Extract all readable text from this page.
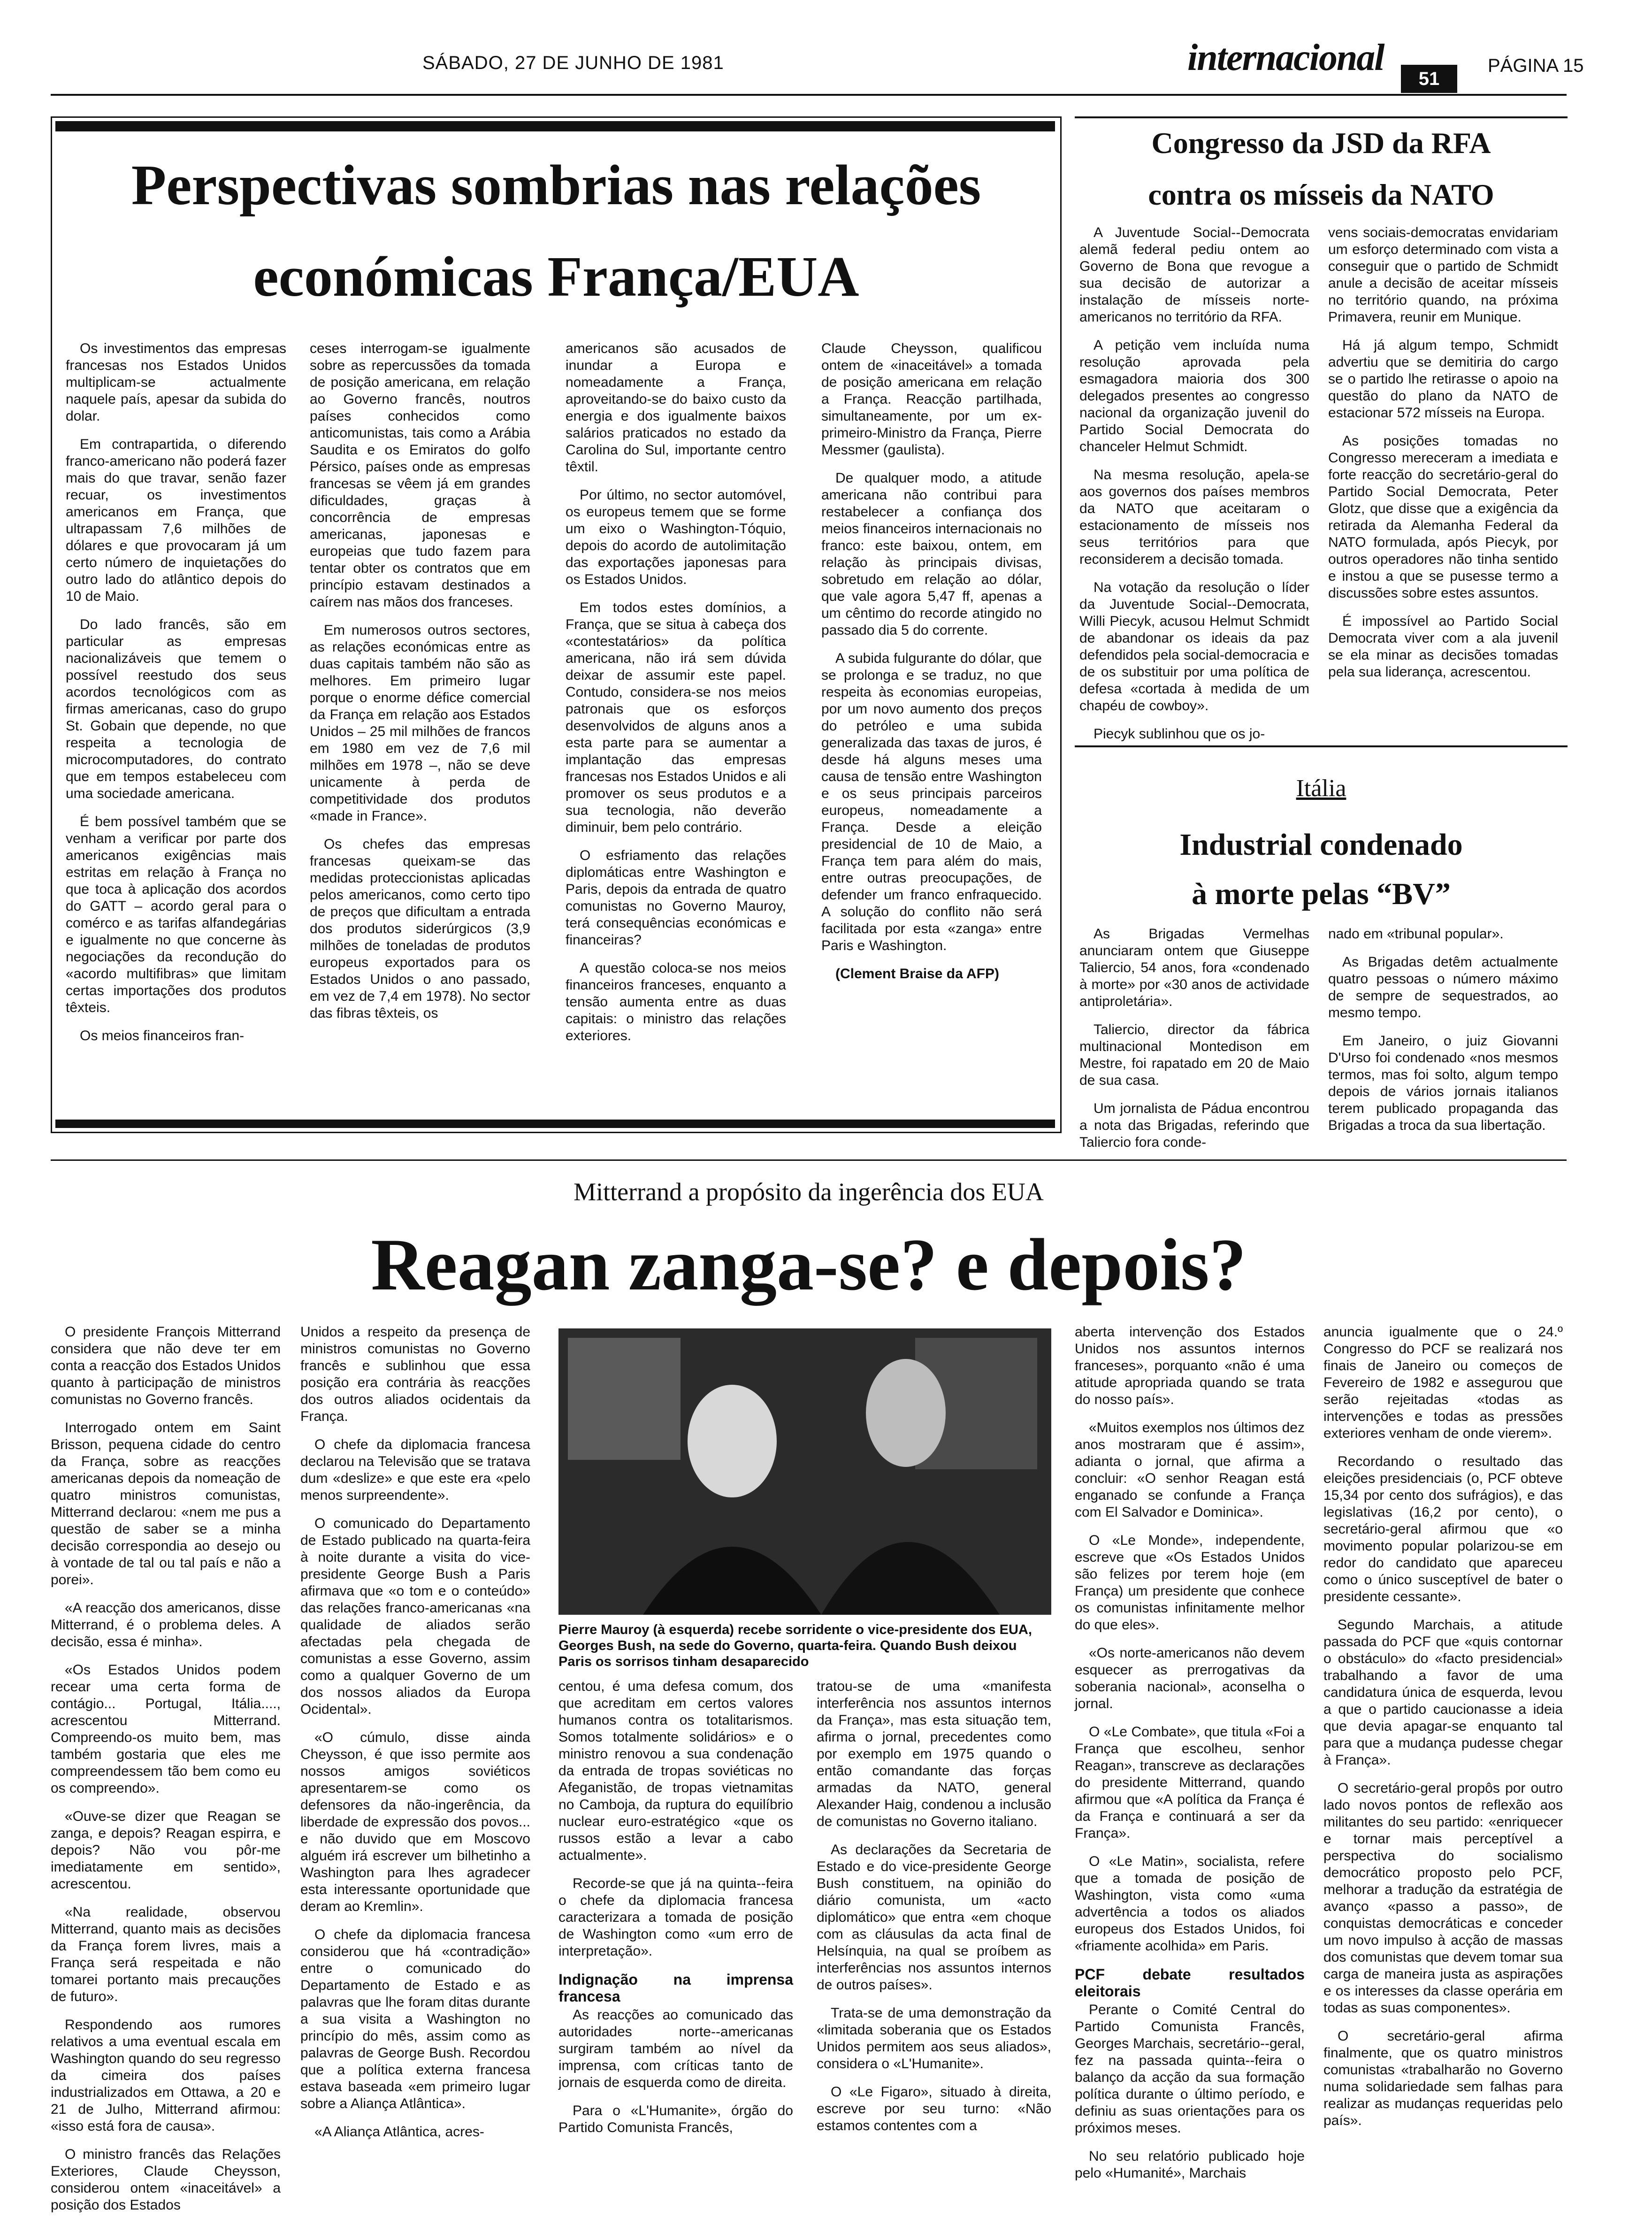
SÁBADO, 27 DE JUNHO DE 1981	internacional
51
PÁGINA 15
Perspectivas sombrias nas relações
económicas França/EUA

Os investimentos das empresas francesas nos Estados Unidos multiplicam-se actualmente naquele país, apesar da subida do dolar.

Em contrapartida, o diferendo franco-americano não poderá fazer mais do que travar, senão fazer recuar, os investimentos americanos em França, que ultrapassam 7,6 milhões de dólares e que provocaram já um certo número de inquietações do outro lado do atlântico depois do 10 de Maio.

Do lado francês, são em particular as empresas nacionalizáveis que temem o possível reestudo dos seus acordos tecnológicos com as firmas americanas, caso do grupo St. Gobain que depende, no que respeita a tecnologia de microcomputadores, do contrato que em tempos estabeleceu com uma sociedade americana.

É bem possível também que se venham a verificar por parte dos americanos exigências mais estritas em relação à França no que toca à aplicação dos acordos do GATT – acordo geral para o comérco e as tarifas alfandegárias e igualmente no que concerne às negociações da recondução do «acordo multifibras» que limitam certas importações dos produtos têxteis.

Os meios financeiros fran-

ceses interrogam-se igualmente sobre as repercussões da tomada de posição americana, em relação ao Governo francês, noutros países conhecidos como anticomunistas, tais como a Arábia Saudita e os Emiratos do golfo Pérsico, países onde as empresas francesas se vêem já em grandes dificuldades, graças à concorrência de empresas americanas, japonesas e europeias que tudo fazem para tentar obter os contratos que em princípio estavam destinados a caírem nas mãos dos franceses.

Em numerosos outros sectores, as relações económicas entre as duas capitais também não são as melhores. Em primeiro lugar porque o enorme défice comercial da França em relação aos Estados Unidos – 25 mil milhões de francos em 1980 em vez de 7,6 mil milhões em 1978 –, não se deve unicamente à perda de competitividade dos produtos «made in France».

Os chefes das empresas francesas queixam-se das medidas proteccionistas aplicadas pelos americanos, como certo tipo de preços que dificultam a entrada dos produtos siderúrgicos (3,9 milhões de toneladas de produtos europeus exportados para os Estados Unidos o ano passado, em vez de 7,4 em 1978). No sector das fibras têxteis, os

americanos são acusados de inundar a Europa e nomeadamente a França, aproveitando-se do baixo custo da energia e dos igualmente baixos salários praticados no estado da Carolina do Sul, importante centro têxtil.

Por último, no sector automóvel, os europeus temem que se forme um eixo o Washington-Tóquio, depois do acordo de autolimitação das exportações japonesas para os Estados Unidos.

Em todos estes domínios, a França, que se situa à cabeça dos «contestatários» da política americana, não irá sem dúvida deixar de assumir este papel. Contudo, considera-se nos meios patronais que os esforços desenvolvidos de alguns anos a esta parte para se aumentar a implantação das empresas francesas nos Estados Unidos e ali promover os seus produtos e a sua tecnologia, não deverão diminuir, bem pelo contrário.

O esfriamento das relações diplomáticas entre Washington e Paris, depois da entrada de quatro comunistas no Governo Mauroy, terá consequências económicas e financeiras?

A questão coloca-se nos meios financeiros franceses, enquanto a tensão aumenta entre as duas capitais: o ministro das relações exteriores.

Claude Cheysson, qualificou ontem de «inaceitável» a tomada de posição americana em relação a França. Reacção partilhada, simultaneamente, por um ex-primeiro-Ministro da França, Pierre Messmer (gaulista).

De qualquer modo, a atitude americana não contribui para restabelecer a confiança dos meios financeiros internacionais no franco: este baixou, ontem, em relação às principais divisas, sobretudo em relação ao dólar, que vale agora 5,47 ff, apenas a um cêntimo do recorde atingido no passado dia 5 do corrente.

A subida fulgurante do dólar, que se prolonga e se traduz, no que respeita às economias europeias, por um novo aumento dos preços do petróleo e uma subida generalizada das taxas de juros, é desde há alguns meses uma causa de tensão entre Washington e os seus principais parceiros europeus, nomeadamente a França. Desde a eleição presidencial de 10 de Maio, a França tem para além do mais, entre outras preocupações, de defender um franco enfraquecido. A solução do conflito não será facilitada por esta «zanga» entre Paris e Washington.

(Clement Braise da AFP)

Congresso da JSD da RFA
contra os mísseis da NATO

A Juventude Social--Democrata alemã federal pediu ontem ao Governo de Bona que revogue a sua decisão de autorizar a instalação de mísseis norte-americanos no território da RFA.

A petição vem incluída numa resolução aprovada pela esmagadora maioria dos 300 delegados presentes ao congresso nacional da organização juvenil do Partido Social Democrata do chanceler Helmut Schmidt.

Na mesma resolução, apela-se aos governos dos países membros da NATO que aceitaram o estacionamento de mísseis nos seus territórios para que reconsiderem a decisão tomada.

Na votação da resolução o líder da Juventude Social--Democrata, Willi Piecyk, acusou Helmut Schmidt de abandonar os ideais da paz defendidos pela social-democracia e de os substituir por uma política de defesa «cortada à medida de um chapéu de cowboy».

Piecyk sublinhou que os jo-

vens sociais-democratas envidariam um esforço determinado com vista a conseguir que o partido de Schmidt anule a decisão de aceitar mísseis no território quando, na próxima Primavera, reunir em Munique.

Há já algum tempo, Schmidt advertiu que se demitiria do cargo se o partido lhe retirasse o apoio na questão do plano da NATO de estacionar 572 mísseis na Europa.

As posições tomadas no Congresso mereceram a imediata e forte reacção do secretário-geral do Partido Social Democrata, Peter Glotz, que disse que a exigência da retirada da Alemanha Federal da NATO formulada, após Piecyk, por outros operadores não tinha sentido e instou a que se pusesse termo a discussões sobre estes assuntos.

É impossível ao Partido Social Democrata viver com a ala juvenil se ela minar as decisões tomadas pela sua liderança, acrescentou.

Itália
Industrial condenado
à morte pelas “BV”

As Brigadas Vermelhas anunciaram ontem que Giuseppe Taliercio, 54 anos, fora «condenado à morte» por «30 anos de actividade antiproletária».

Taliercio, director da fábrica multinacional Montedison em Mestre, foi rapatado em 20 de Maio de sua casa.

Um jornalista de Pádua encontrou a nota das Brigadas, referindo que Taliercio fora conde-

nado em «tribunal popular».

As Brigadas detêm actualmente quatro pessoas o número máximo de sempre de sequestrados, ao mesmo tempo.

Em Janeiro, o juiz Giovanni D'Urso foi condenado «nos mesmos termos, mas foi solto, algum tempo depois de vários jornais italianos terem publicado propaganda das Brigadas a troca da sua libertação.

Mitterrand a propósito da ingerência dos EUA
Reagan zanga-se? e depois?

O presidente François Mitterrand considera que não deve ter em conta a reacção dos Estados Unidos quanto à participação de ministros comunistas no Governo francês.

Interrogado ontem em Saint Brisson, pequena cidade do centro da França, sobre as reacções americanas depois da nomeação de quatro ministros comunistas, Mitterrand declarou: «nem me pus a questão de saber se a minha decisão correspondia ao desejo ou à vontade de tal ou tal país e não a porei».

«A reacção dos americanos, disse Mitterrand, é o problema deles. A decisão, essa é minha».

«Os Estados Unidos podem recear uma certa forma de contágio... Portugal, Itália...., acrescentou Mitterrand. Compreendo-os muito bem, mas também gostaria que eles me compreendessem tão bem como eu os compreendo».

«Ouve-se dizer que Reagan se zanga, e depois? Reagan espirra, e depois? Não vou pôr-me imediatamente em sentido», acrescentou.

«Na realidade, observou Mitterrand, quanto mais as decisões da França forem livres, mais a França será respeitada e não tomarei portanto mais precauções de futuro».

Respondendo aos rumores relativos a uma eventual escala em Washington quando do seu regresso da cimeira dos países industrializados em Ottawa, a 20 e 21 de Julho, Mitterrand afirmou: «isso está fora de causa».

O ministro francês das Relações Exteriores, Claude Cheysson, considerou ontem «inaceitável» a posição dos Estados

Unidos a respeito da presença de ministros comunistas no Governo francês e sublinhou que essa posição era contrária às reacções dos outros aliados ocidentais da França.

O chefe da diplomacia francesa declarou na Televisão que se tratava dum «deslize» e que este era «pelo menos surpreendente».

O comunicado do Departamento de Estado publicado na quarta-feira à noite durante a visita do vice-presidente George Bush a Paris afirmava que «o tom e o conteúdo» das relações franco-americanas «na qualidade de aliados serão afectadas pela chegada de comunistas a esse Governo, assim como a qualquer Governo de um dos nossos aliados da Europa Ocidental».

«O cúmulo, disse ainda Cheysson, é que isso permite aos nossos amigos soviéticos apresentarem-se como os defensores da não-ingerência, da liberdade de expressão dos povos... e não duvido que em Moscovo alguém irá escrever um bilhetinho a Washington para lhes agradecer esta interessante oportunidade que deram ao Kremlin».

O chefe da diplomacia francesa considerou que há «contradição» entre o comunicado do Departamento de Estado e as palavras que lhe foram ditas durante a sua visita a Washington no princípio do mês, assim como as palavras de George Bush. Recordou que a política externa francesa estava baseada «em primeiro lugar sobre a Aliança Atlântica».

«A Aliança Atlântica, acres-

Pierre Mauroy (à esquerda) recebe sorridente o vice-presidente dos EUA, Georges Bush, na sede do Governo, quarta-feira. Quando Bush deixou Paris os sorrisos tinham desaparecido

centou, é uma defesa comum, dos que acreditam em certos valores humanos contra os totalitarismos. Somos totalmente solidários» e o ministro renovou a sua condenação da entrada de tropas soviéticas no Afeganistão, de tropas vietnamitas no Camboja, da ruptura do equilíbrio nuclear euro-estratégico «que os russos estão a levar a cabo actualmente».

Recorde-se que já na quinta--feira o chefe da diplomacia francesa caracterizara a tomada de posição de Washington como «um erro de interpretação».

Indignação na imprensa francesa

As reacções ao comunicado das autoridades norte--americanas surgiram também ao nível da imprensa, com críticas tanto de jornais de esquerda como de direita.

Para o «L'Humanite», órgão do Partido Comunista Francês,

tratou-se de uma «manifesta interferência nos assuntos internos da França», mas esta situação tem, afirma o jornal, precedentes como por exemplo em 1975 quando o então comandante das forças armadas da NATO, general Alexander Haig, condenou a inclusão de comunistas no Governo italiano.

As declarações da Secretaria de Estado e do vice-presidente George Bush constituem, na opinião do diário comunista, um «acto diplomático» que entra «em choque com as cláusulas da acta final de Helsínquia, na qual se proíbem as interferências nos assuntos internos de outros países».

Trata-se de uma demonstração da «limitada soberania que os Estados Unidos permitem aos seus aliados», considera o «L'Humanite».

O «Le Figaro», situado à direita, escreve por seu turno: «Não estamos contentes com a

aberta intervenção dos Estados Unidos nos assuntos internos franceses», porquanto «não é uma atitude apropriada quando se trata do nosso país».

«Muitos exemplos nos últimos dez anos mostraram que é assim», adianta o jornal, que afirma a concluir: «O senhor Reagan está enganado se confunde a França com El Salvador e Dominica».

O «Le Monde», independente, escreve que «Os Estados Unidos são felizes por terem hoje (em França) um presidente que conhece os comunistas infinitamente melhor do que eles».

«Os norte-americanos não devem esquecer as prerrogativas da soberania nacional», aconselha o jornal.

O «Le Combate», que titula «Foi a França que escolheu, senhor Reagan», transcreve as declarações do presidente Mitterrand, quando afirmou que «A política da França é da França e continuará a ser da França».

O «Le Matin», socialista, refere que a tomada de posição de Washington, vista como «uma advertência a todos os aliados europeus dos Estados Unidos, foi «friamente acolhida» em Paris.

PCF debate resultados eleitorais

Perante o Comité Central do Partido Comunista Francês, Georges Marchais, secretário--geral, fez na passada quinta--feira o balanço da acção da sua formação política durante o último período, e definiu as suas orientações para os próximos meses.

No seu relatório publicado hoje pelo «Humanité», Marchais

anuncia igualmente que o 24.º Congresso do PCF se realizará nos finais de Janeiro ou começos de Fevereiro de 1982 e assegurou que serão rejeitadas «todas as intervenções e todas as pressões exteriores venham de onde vierem».

Recordando o resultado das eleições presidenciais (o, PCF obteve 15,34 por cento dos sufrágios), e das legislativas (16,2 por cento), o secretário-geral afirmou que «o movimento popular polarizou-se em redor do candidato que apareceu como o único susceptível de bater o presidente cessante».

Segundo Marchais, a atitude passada do PCF que «quis contornar o obstáculo» do «facto presidencial» trabalhando a favor de uma candidatura única de esquerda, levou a que o partido caucionasse a ideia que devia apagar-se enquanto tal para que a mudança pudesse chegar à França».

O secretário-geral propôs por outro lado novos pontos de reflexão aos militantes do seu partido: «enriquecer e tornar mais perceptível a perspectiva do socialismo democrático proposto pelo PCF, melhorar a tradução da estratégia de avanço «passo a passo», de conquistas democráticas e conceder um novo impulso à acção de massas dos comunistas que devem tomar sua carga de maneira justa as aspirações e os interesses da classe operária em todas as suas componentes».

O secretário-geral afirma finalmente, que os quatro ministros comunistas «trabalharão no Governo numa solidariedade sem falhas para realizar as mudanças requeridas pelo país».
